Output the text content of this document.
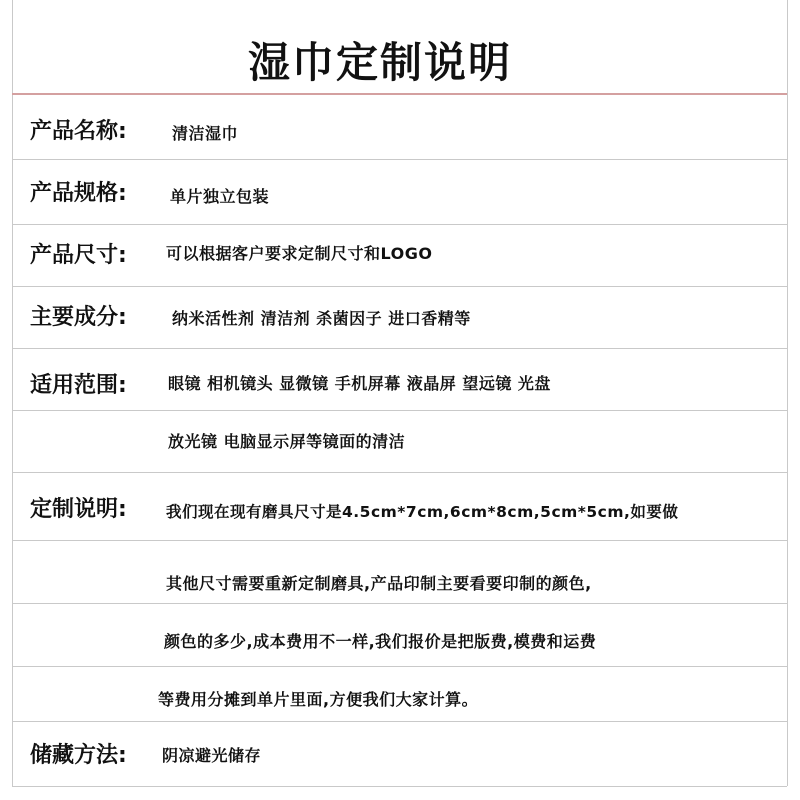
湿巾定制说明
产品名称:	清洁湿巾
产品规格:	单片独立包装
产品尺寸: 可以根据客户要求定制尺寸和LOGO
主要成分:	纳米活性剂 清洁剂 杀菌因子 进口香精等
适用范围:	眼镜 相机镜头 显微镜 手机屏幕 液晶屏 望远镜 光盘
放光镜 电脑显示屏等镜面的清洁
定制说明:	我们现在现有磨具尺寸是4.5cm*7cm,6cm*8cm,5cm*5cm,如要做
其他尺寸需要重新定制磨具,产品印制主要看要印制的颜色,
颜色的多少,成本费用不一样,我们报价是把版费,模费和运费
等费用分摊到单片里面,方便我们大家计算。
储藏方法: 阴凉避光储存
